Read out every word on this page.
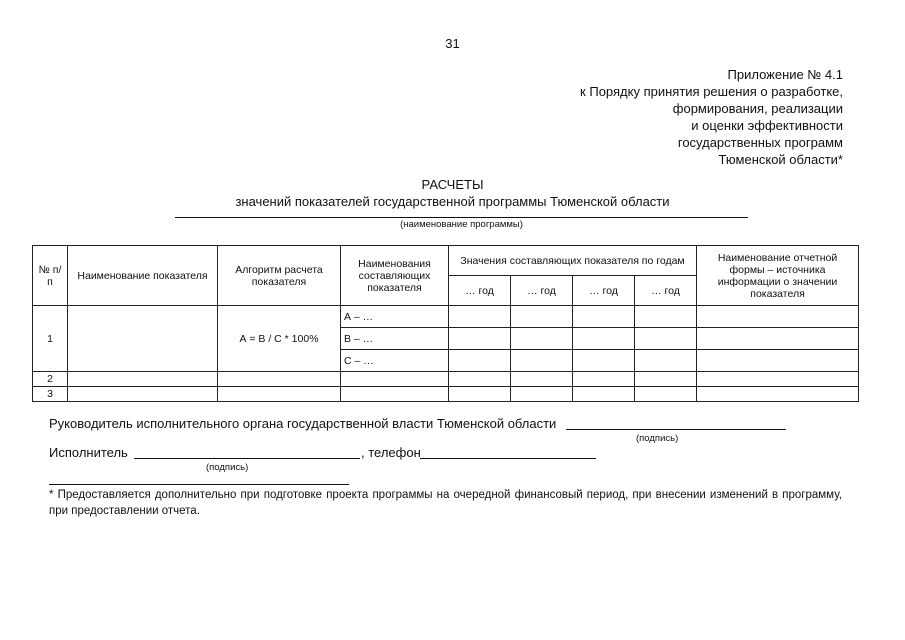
31
Приложение № 4.1
к Порядку принятия решения о разработке,
формирования, реализации
и оценки эффективности
государственных программ
Тюменской области*
РАСЧЕТЫ
значений показателей государственной программы Тюменской области
(наименование программы)
№ п/п	Наименование показателя	Алгоритм расчета показателя	Наименования составляющих показателя	Значения составляющих показателя по годам				Наименование отчетной формы – источника информации о значении показателя
				… год	… год	… год	… год	
1		А = В / С * 100%	А – …					
			В – …					
			С – …					
2								
3								
Руководитель исполнительного органа государственной власти Тюменской области
(подпись)
Исполнитель	, телефон
(подпись)
* Предоставляется дополнительно при подготовке проекта программы на очередной финансовый период, при внесении изменений в программу, при предоставлении отчета.
